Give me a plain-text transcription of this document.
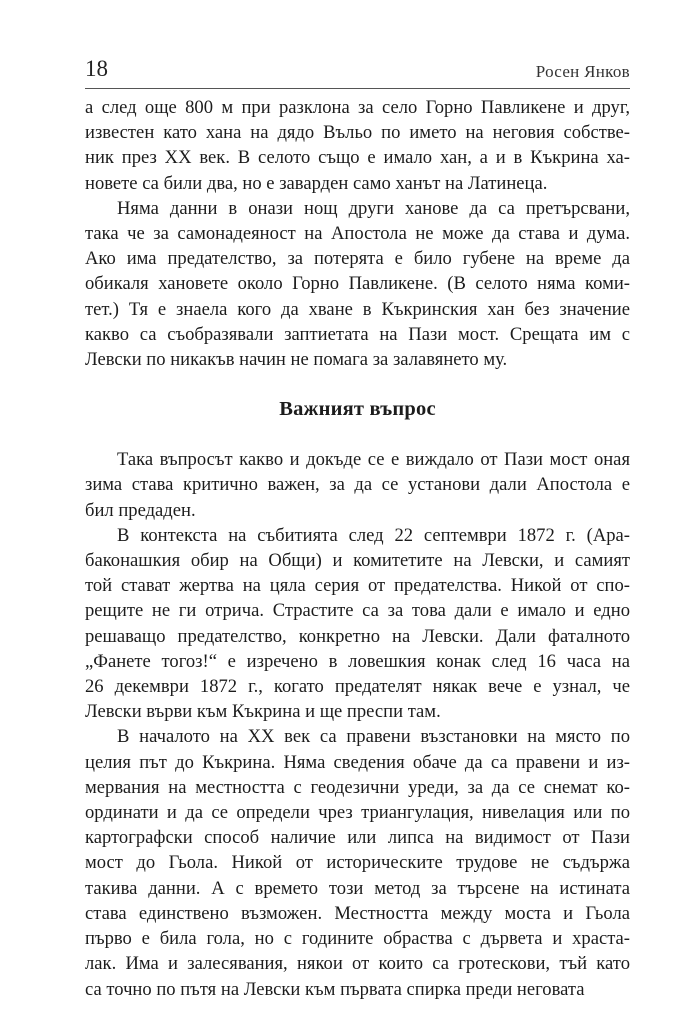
18	Росен Янков

а след още 800 м при разклона за село Горно Павликене и друг,
известен като хана на дядо Въльо по името на неговия собстве-
ник през ХХ век. В селото също е имало хан, а и в Къкрина ха-
новете са били два, но е заварден само ханът на Латинеца.

Няма данни в онази нощ други ханове да са претърсвани,
така че за самонадеяност на Апостола не може да става и дума.
Ако има предателство, за потерята е било губене на време да
обикаля хановете около Горно Павликене. (В селото няма коми-
тет.) Тя е знаела кого да хване в Къкринския хан без значение
какво са съобразявали заптиетата на Пази мост. Срещата им с
Левски по никакъв начин не помага за залавянето му.

Важният въпрос

Така въпросът какво и докъде се е виждало от Пази мост оная
зима става критично важен, за да се установи дали Апостола е
бил предаден.

В контекста на събитията след 22 септември 1872 г. (Ара-
баконашкия обир на Общи) и комитетите на Левски, и самият
той стават жертва на цяла серия от предателства. Никой от спо-
рещите не ги отрича. Страстите са за това дали е имало и едно
решаващо предателство, конкретно на Левски. Дали фаталното
„Фанете тогоз!“ е изречено в ловешкия конак след 16 часа на
26 декември 1872 г., когато предателят някак вече е узнал, че
Левски върви към Къкрина и ще преспи там.

В началото на ХХ век са правени възстановки на място по
целия път до Къкрина. Няма сведения обаче да са правени и из-
мервания на местността с геодезични уреди, за да се снемат ко-
ординати и да се определи чрез триангулация, нивелация или по
картографски способ наличие или липса на видимост от Пази
мост до Гьола. Никой от историческите трудове не съдържа
такива данни. А с времето този метод за търсене на истината
става единствено възможен. Местността между моста и Гьола
първо е била гола, но с годините обраства с дървета и храста-
лак. Има и залесявания, някои от които са гротескови, тъй като
са точно по пътя на Левски към първата спирка преди неговата
